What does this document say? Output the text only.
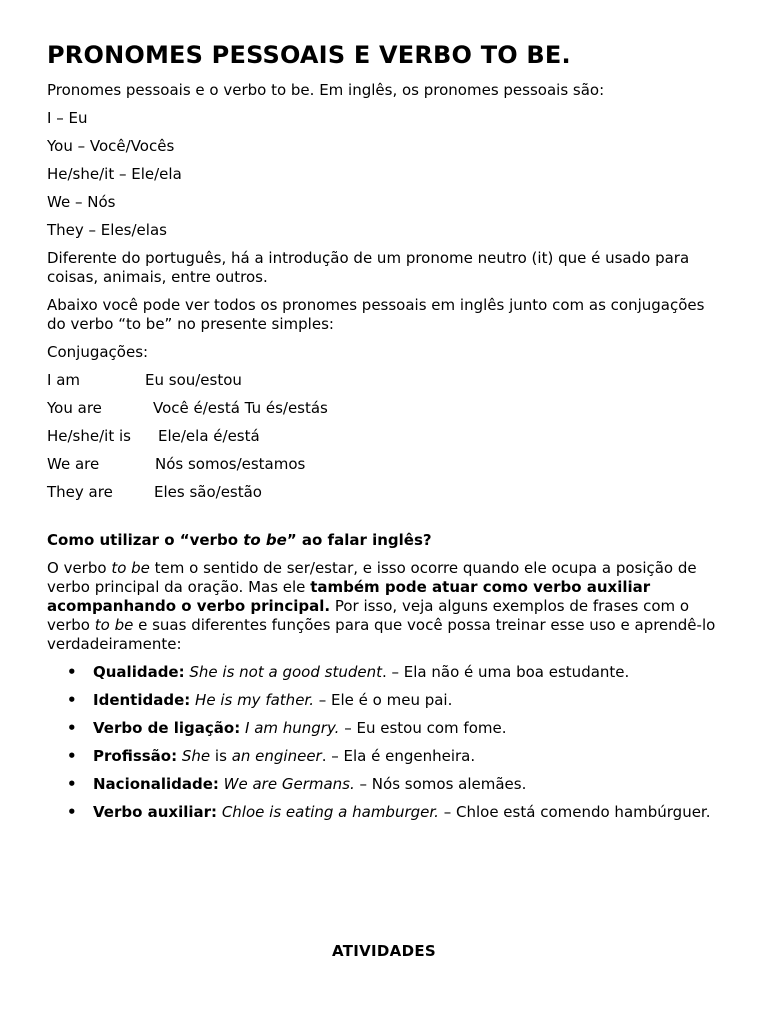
PRONOMES PESSOAIS E VERBO TO BE.

Pronomes pessoais e o verbo to be. Em inglês, os pronomes pessoais são:

I – Eu

You – Você/Vocês

He/she/it – Ele/ela

We – Nós

They – Eles/elas

Diferente do português, há a introdução de um pronome neutro (it) que é usado para coisas, animais, entre outros.

Abaixo você pode ver todos os pronomes pessoais em inglês junto com as conjugações do verbo “to be” no presente simples:

Conjugações:

I am	Eu sou/estou
You are	Você é/está Tu és/estás
He/she/it is	Ele/ela é/está
We are	Nós somos/estamos
They are	Eles são/estão

Como utilizar o “verbo to be” ao falar inglês?

O verbo to be tem o sentido de ser/estar, e isso ocorre quando ele ocupa a posição de verbo principal da oração. Mas ele também pode atuar como verbo auxiliar acompanhando o verbo principal. Por isso, veja alguns exemplos de frases com o verbo to be e suas diferentes funções para que você possa treinar esse uso e aprendê-lo verdadeiramente:

• Qualidade: She is not a good student. – Ela não é uma boa estudante.
• Identidade: He is my father. – Ele é o meu pai.
• Verbo de ligação: I am hungry. – Eu estou com fome.
• Profissão: She is an engineer. – Ela é engenheira.
• Nacionalidade: We are Germans. – Nós somos alemães.
• Verbo auxiliar: Chloe is eating a hamburger. – Chloe está comendo hambúrguer.
ATIVIDADES
